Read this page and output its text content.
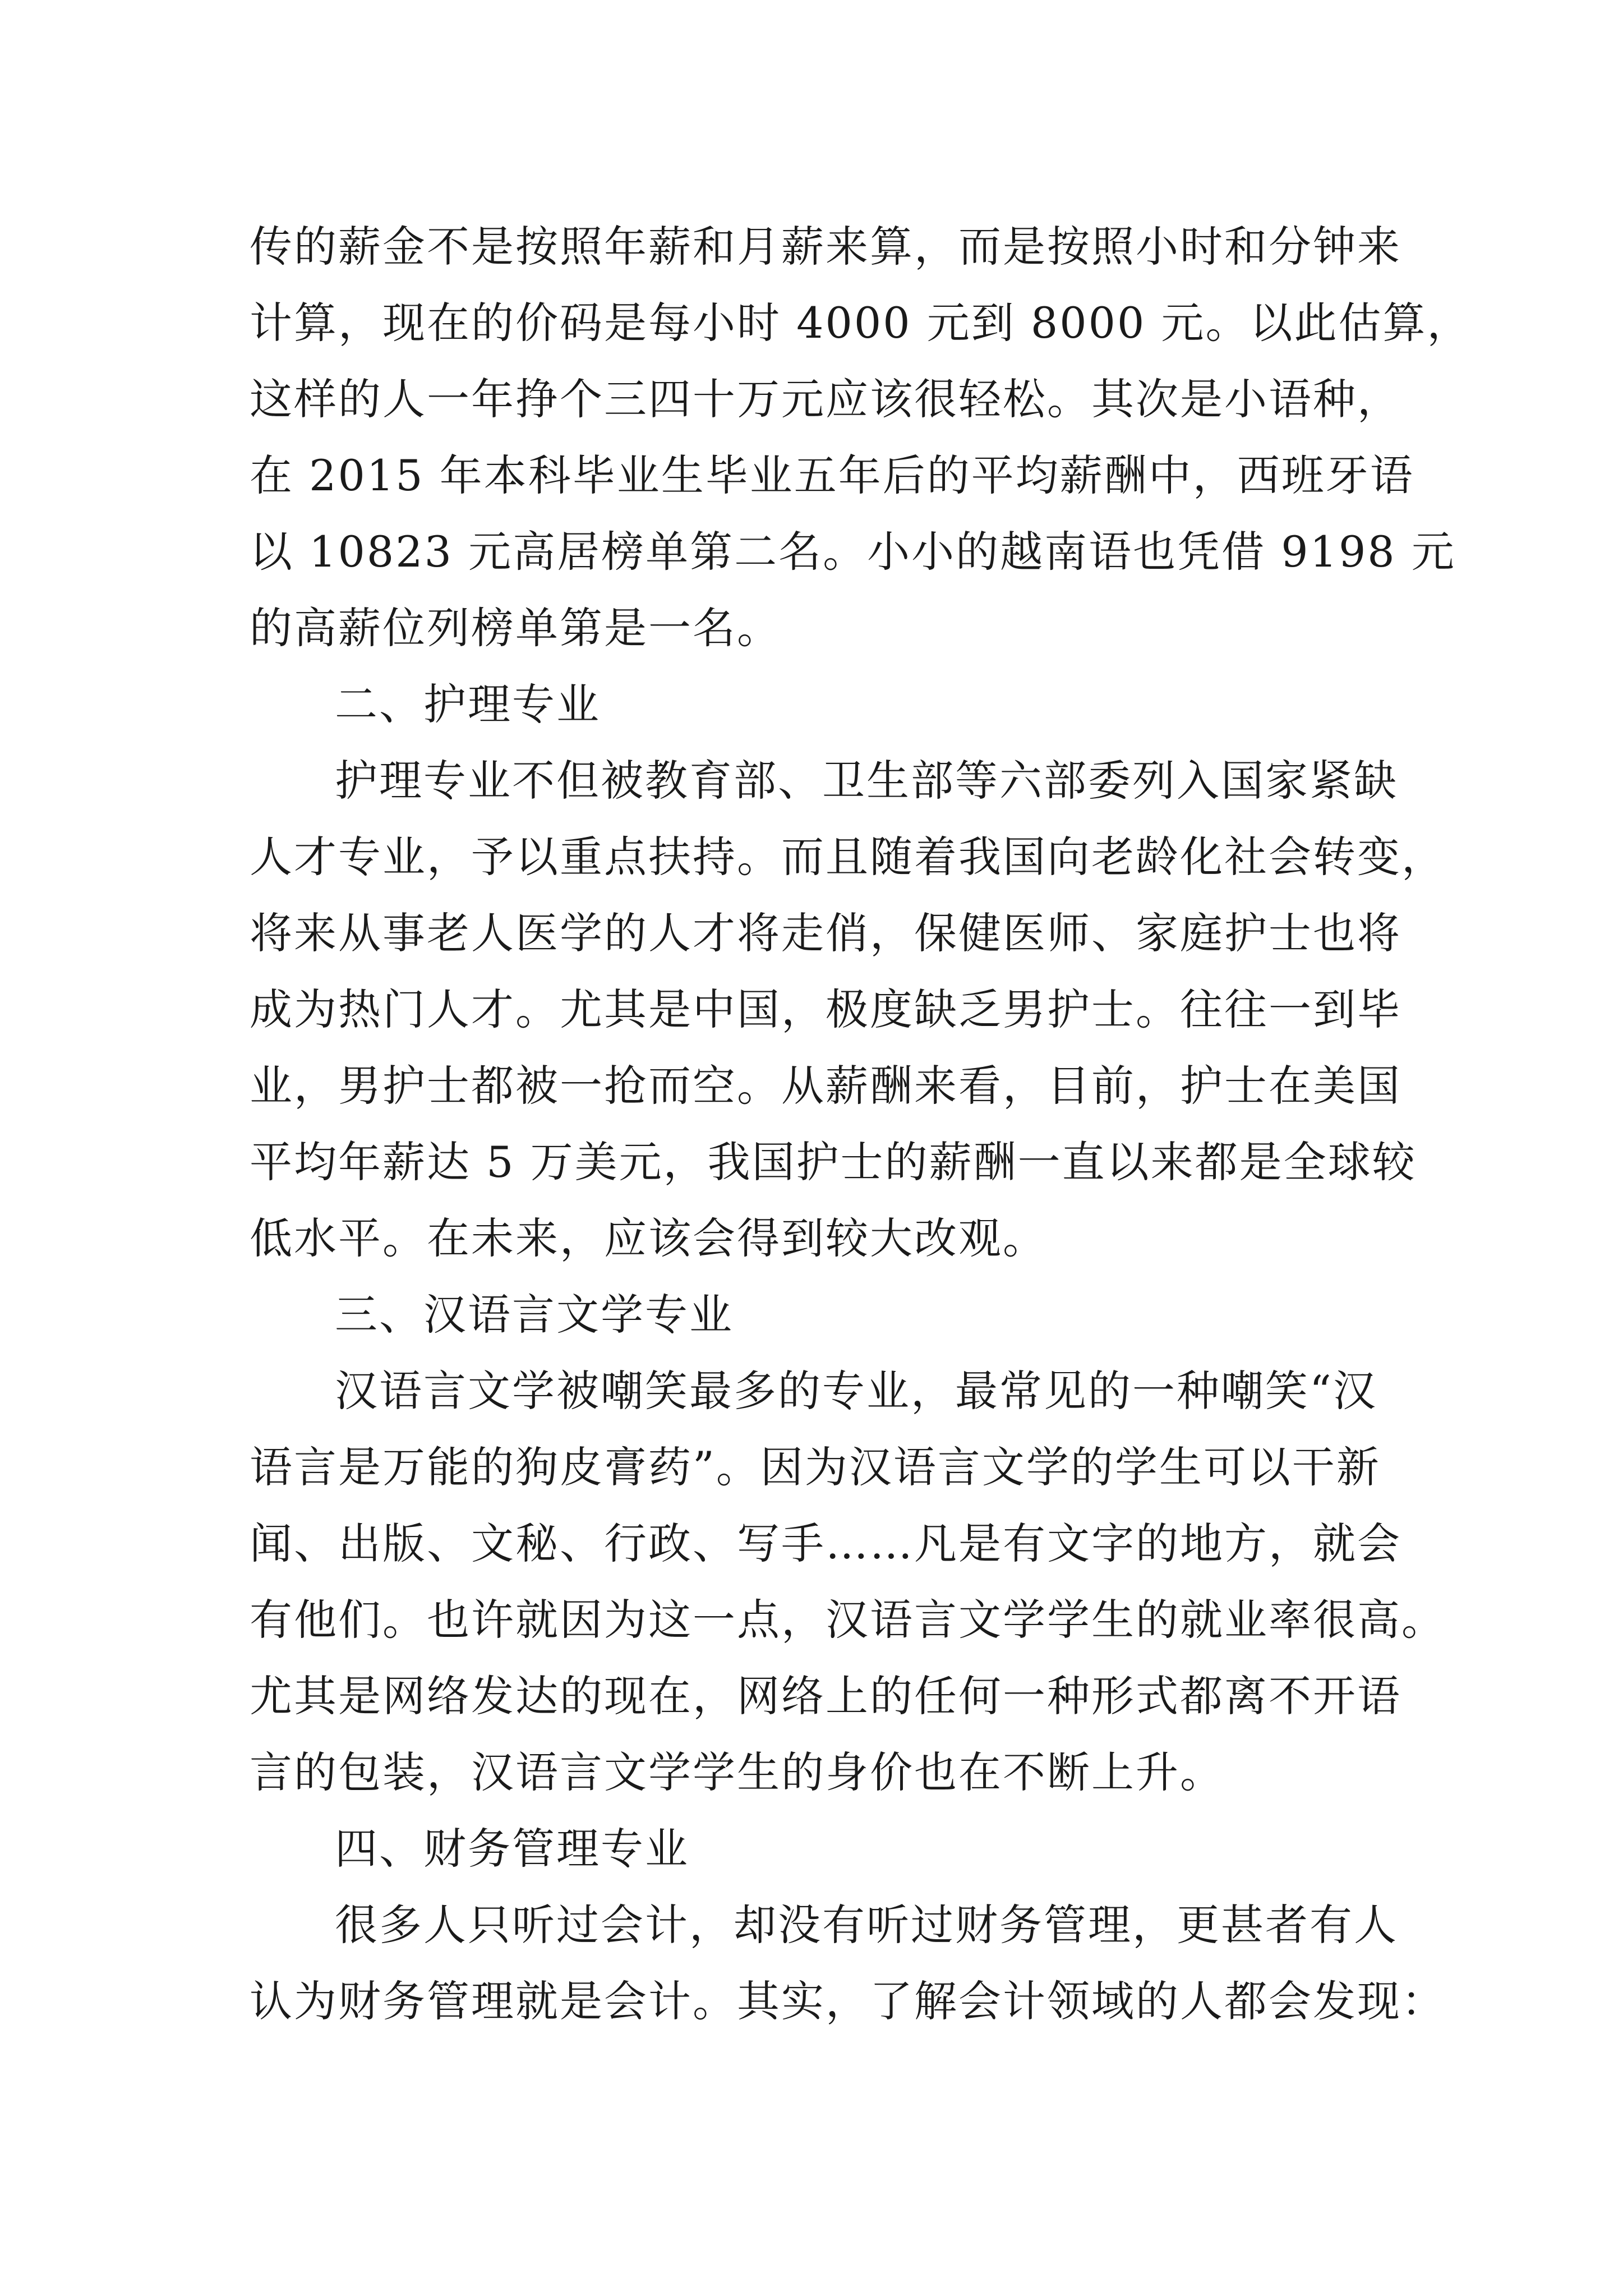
传的薪金不是按照年薪和月薪来算，而是按照小时和分钟来
计算，现在的价码是每小时 4000 元到 8000 元。以此估算，
这样的人一年挣个三四十万元应该很轻松。其次是小语种，
在 2015 年本科毕业生毕业五年后的平均薪酬中，西班牙语
以 10823 元高居榜单第二名。小小的越南语也凭借 9198 元
的高薪位列榜单第是一名。
二、护理专业
护理专业不但被教育部、卫生部等六部委列入国家紧缺
人才专业，予以重点扶持。而且随着我国向老龄化社会转变，
将来从事老人医学的人才将走俏，保健医师、家庭护士也将
成为热门人才。尤其是中国，极度缺乏男护士。往往一到毕
业，男护士都被一抢而空。从薪酬来看，目前，护士在美国
平均年薪达 5 万美元，我国护士的薪酬一直以来都是全球较
低水平。在未来，应该会得到较大改观。
三、汉语言文学专业
汉语言文学被嘲笑最多的专业，最常见的一种嘲笑“汉
语言是万能的狗皮膏药”。因为汉语言文学的学生可以干新
闻、出版、文秘、行政、写手……凡是有文字的地方，就会
有他们。也许就因为这一点，汉语言文学学生的就业率很高。
尤其是网络发达的现在，网络上的任何一种形式都离不开语
言的包装，汉语言文学学生的身价也在不断上升。
四、财务管理专业
很多人只听过会计，却没有听过财务管理，更甚者有人
认为财务管理就是会计。其实，了解会计领域的人都会发现：
